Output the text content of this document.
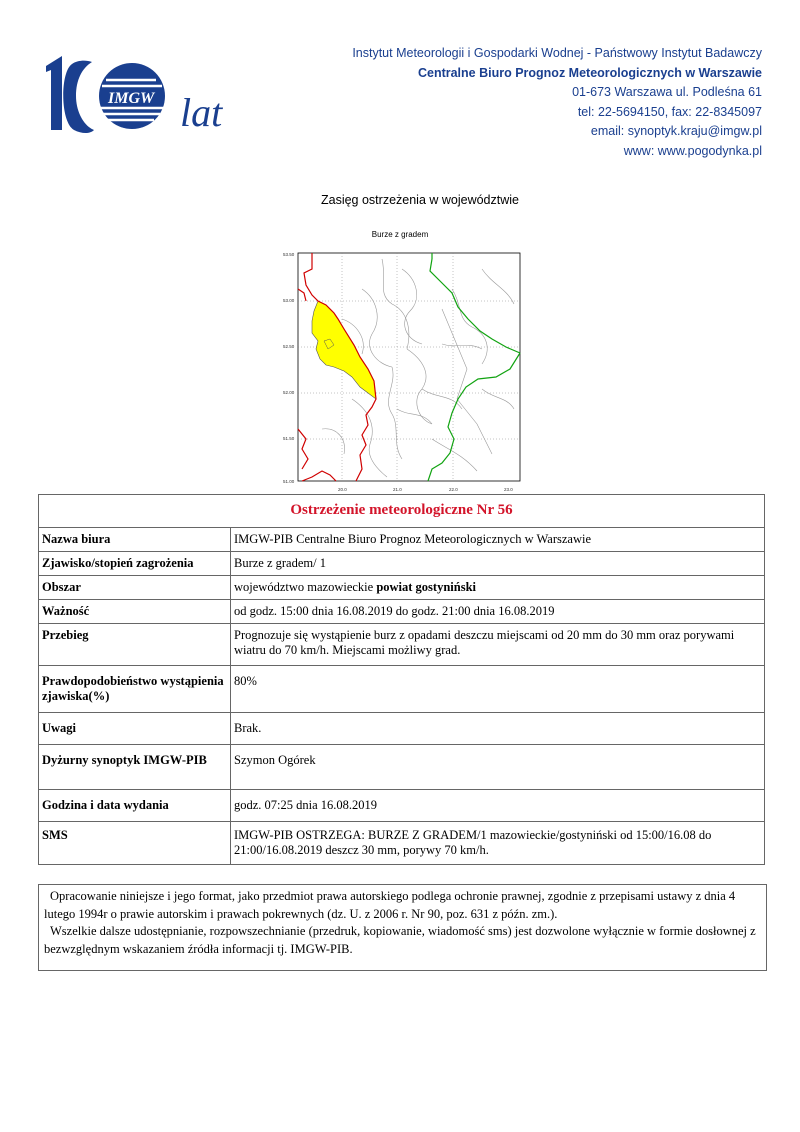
IMGW lat
Instytut Meteorologii i Gospodarki Wodnej - Państwowy Instytut Badawczy
Centralne Biuro Prognoz Meteorologicznych w Warszawie
01-673 Warszawa ul. Podleśna 61
tel: 22-5694150, fax: 22-8345097
email: synoptyk.kraju@imgw.pl
www: www.pogodynka.pl
Zasięg ostrzeżenia w województwie
Burze z gradem
53.50
53.00
52.50
52.00
51.50
51.00
20.0	21.0	22.0	23.0
Ostrzeżenie meteorologiczne Nr 56	
Nazwa biura	IMGW-PIB Centralne Biuro Prognoz Meteorologicznych w Warszawie
Zjawisko/stopień zagrożenia	Burze z gradem/ 1
Obszar	województwo mazowieckie powiat gostyniński
Ważność	od godz. 15:00 dnia 16.08.2019 do godz. 21:00 dnia 16.08.2019
Przebieg	Prognozuje się wystąpienie burz z opadami deszczu miejscami od 20 mm do 30 mm oraz porywami wiatru do 70 km/h. Miejscami możliwy grad.
Prawdopodobieństwo wystąpienia zjawiska(%)	80%
Uwagi	Brak.
Dyżurny synoptyk IMGW-PIB	Szymon Ogórek
Godzina i data wydania	godz. 07:25 dnia 16.08.2019
SMS	IMGW-PIB OSTRZEGA: BURZE Z GRADEM/1 mazowieckie/gostyniński od 15:00/16.08 do 21:00/16.08.2019 deszcz 30 mm, porywy 70 km/h.

Opracowanie niniejsze i jego format, jako przedmiot prawa autorskiego podlega ochronie prawnej, zgodnie z przepisami ustawy z dnia 4 lutego 1994r o prawie autorskim i prawach pokrewnych (dz. U. z 2006 r. Nr 90, poz. 631 z późn. zm.).

Wszelkie dalsze udostępnianie, rozpowszechnianie (przedruk, kopiowanie, wiadomość sms) jest dozwolone wyłącznie w formie dosłownej z bezwzględnym wskazaniem źródła informacji tj. IMGW-PIB.
